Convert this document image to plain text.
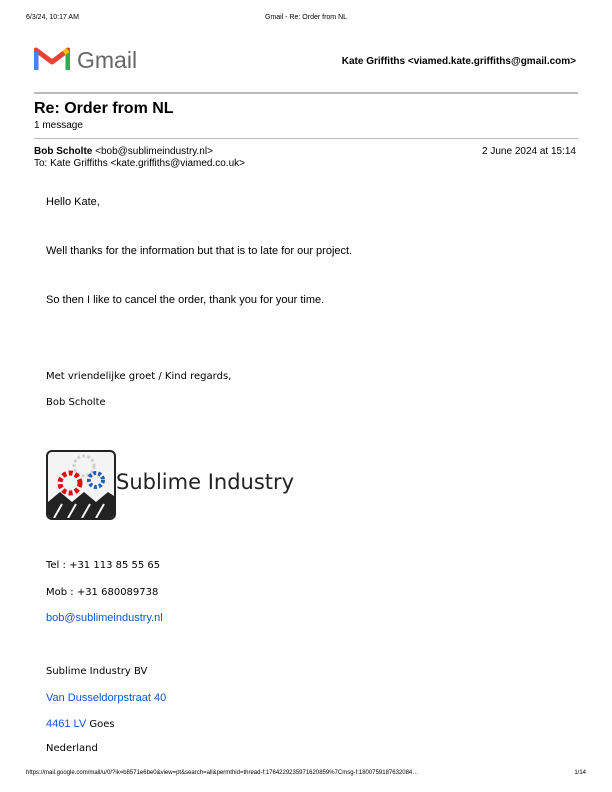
6/3/24, 10:17 AM	Gmail - Re: Order from NL
Gmail	Kate Griffiths <viamed.kate.griffiths@gmail.com>
Re: Order from NL
1 message
Bob Scholte <bob@sublimeindustry.nl>	2 June 2024 at 15:14
To: Kate Griffiths <kate.griffiths@viamed.co.uk>
Hello Kate,
Well thanks for the information but that is to late for our project.
So then I like to cancel the order, thank you for your time.
Met vriendelijke groet / Kind regards,
Bob Scholte
Sublime Industry
Tel : +31 113 85 55 65
Mob : +31 680089738
bob@sublimeindustry.nl
Sublime Industry BV
Van Dusseldorpstraat 40
4461 LV Goes
Nederland
https://mail.google.com/mail/u/0/?ik=b8571e6be0&view=pt&search=all&permthid=thread-f:1764229235971620859%7Cmsg-f:1800759187632084…	1/14
